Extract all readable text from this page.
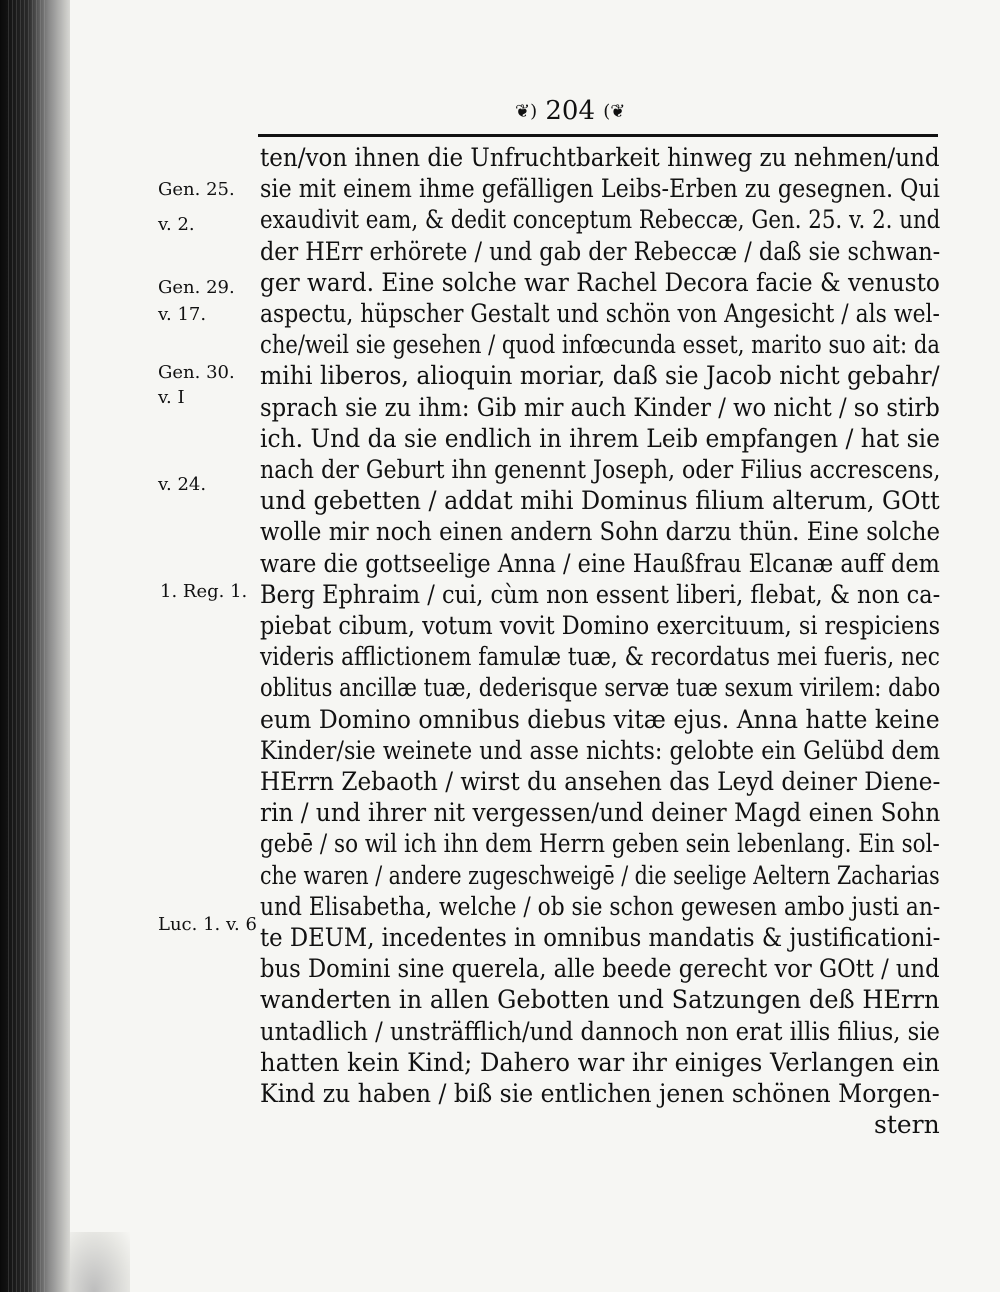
❦) 204 (❦
Gen. 25.
v. 2.
Gen. 29.
v. 17.
Gen. 30.
v. I
v. 24.
1. Reg. 1.
Luc. 1. v. 6
ten/von ihnen die Unfruchtbarkeit hinweg zu nehmen/und
sie mit einem ihme gefälligen Leibs-Erben zu gesegnen. Qui
exaudivit eam, & dedit conceptum Rebeccæ, Gen. 25. v. 2. und
der HErr erhörete / und gab der Rebeccæ / daß sie schwan-
ger ward. Eine solche war Rachel Decora facie & venusto
aspectu, hüpscher Gestalt und schön von Angesicht / als wel-
che/weil sie gesehen / quod infœcunda esset, marito suo ait: da
mihi liberos, alioquin moriar, daß sie Jacob nicht gebahr/
sprach sie zu ihm: Gib mir auch Kinder / wo nicht / so stirb
ich. Und da sie endlich in ihrem Leib empfangen / hat sie
nach der Geburt ihn genennt Joseph, oder Filius accrescens,
und gebetten / addat mihi Dominus filium alterum, GOtt
wolle mir noch einen andern Sohn darzu thün. Eine solche
ware die gottseelige Anna / eine Haußfrau Elcanæ auff dem
Berg Ephraim / cui, cùm non essent liberi, flebat, & non ca-
piebat cibum, votum vovit Domino exercituum, si respiciens
videris afflictionem famulæ tuæ, & recordatus mei fueris, nec
oblitus ancillæ tuæ, dederisque servæ tuæ sexum virilem: dabo
eum Domino omnibus diebus vitæ ejus. Anna hatte keine
Kinder/sie weinete und asse nichts: gelobte ein Gelübd dem
HErrn Zebaoth / wirst du ansehen das Leyd deiner Diene-
rin / und ihrer nit vergessen/und deiner Magd einen Sohn
gebē / so wil ich ihn dem Herrn geben sein lebenlang. Ein sol-
che waren / andere zugeschweigē / die seelige Aeltern Zacharias
und Elisabetha, welche / ob sie schon gewesen ambo justi an-
te DEUM, incedentes in omnibus mandatis & justificationi-
bus Domini sine querela, alle beede gerecht vor GOtt / und
wanderten in allen Gebotten und Satzungen deß HErrn
untadlich / unsträfflich/und dannoch non erat illis filius, sie
hatten kein Kind; Dahero war ihr einiges Verlangen ein
Kind zu haben / biß sie entlichen jenen schönen Morgen-
stern
